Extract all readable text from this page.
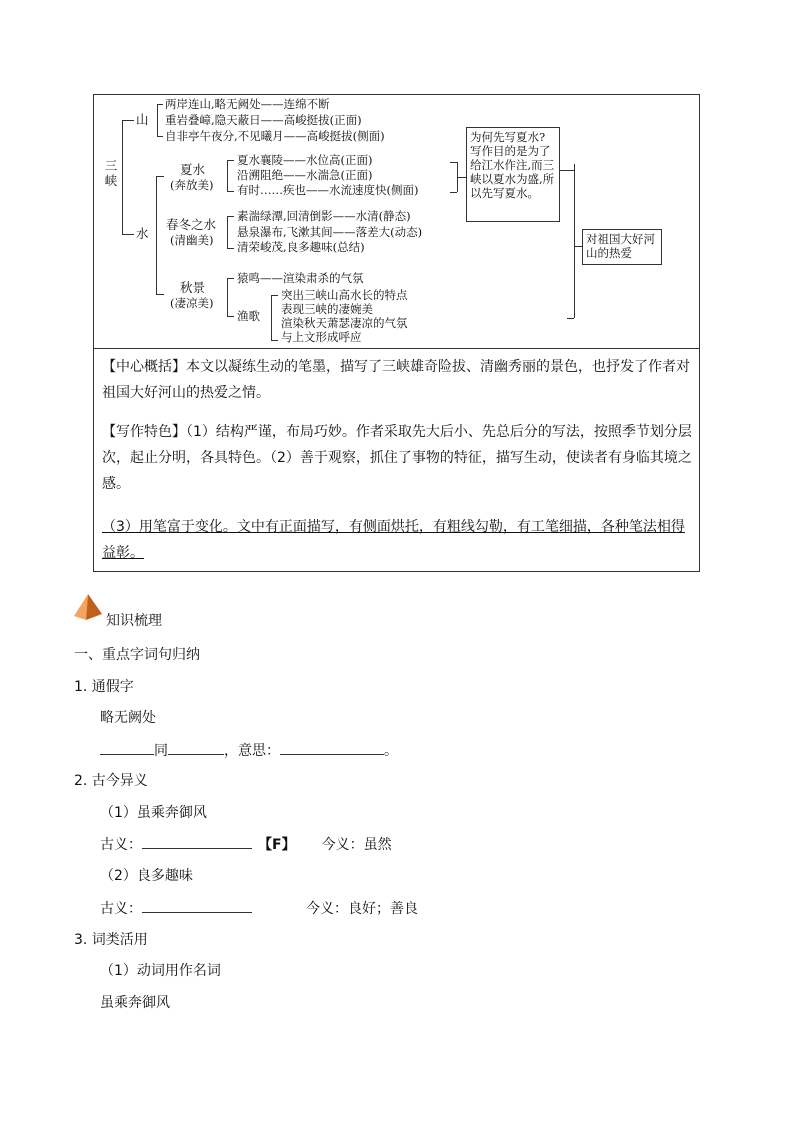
三峡
山
两岸连山,略无阙处——连绵不断
重岩叠嶂,隐天蔽日——高峻挺拔(正面)
自非亭午夜分,不见曦月——高峻挺拔(侧面)
水
夏水
(奔放美)
夏水襄陵——水位高(正面)
沿溯阻绝——水湍急(正面)
有时……疾也——水流速度快(侧面)
为何先写夏水?写作目的是为了给江水作注,而三峡以夏水为盛,所以先写夏水。
春冬之水
(清幽美)
素湍绿潭,回清倒影——水清(静态)
悬泉瀑布,飞漱其间——落差大(动态)
清荣峻茂,良多趣味(总结)
秋景
(凄凉美)
猿鸣——渲染肃杀的气氛
渔歌
突出三峡山高水长的特点
表现三峡的凄婉美
渲染秋天萧瑟凄凉的气氛
与上文形成呼应
对祖国大好河山的热爱
【中心概括】本文以凝练生动的笔墨，描写了三峡雄奇险拔、清幽秀丽的景色，也抒发了作者对祖国大好河山的热爱之情。
【写作特色】（1）结构严谨，布局巧妙。作者采取先大后小、先总后分的写法，按照季节划分层次，起止分明，各具特色。（2）善于观察，抓住了事物的特征，描写生动，使读者有身临其境之感。
（3）用笔富于变化。文中有正面描写，有侧面烘托，有粗线勾勒，有工笔细描，各种笔法相得益彰。
知识梳理
一、重点字词句归纳
1. 通假字
略无阙处
同	，意思：	。
2. 古今异义
（1）虽乘奔御风
古义：	【F】 今义：虽然
（2）良多趣味
古义：	今义：良好；善良
3. 词类活用
（1）动词用作名词
虽乘奔御风
